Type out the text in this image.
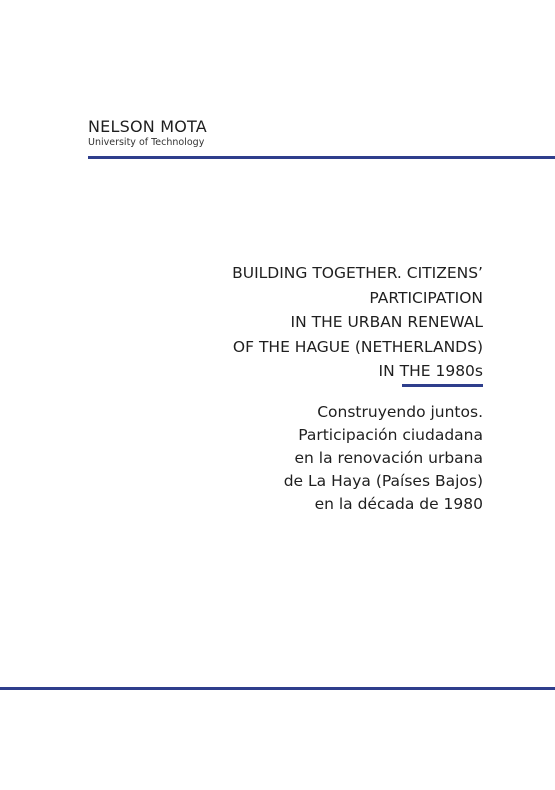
NELSON MOTA
University of Technology
BUILDING TOGETHER. CITIZENS’
PARTICIPATION
IN THE URBAN RENEWAL
OF THE HAGUE (NETHERLANDS)
IN THE 1980s
Construyendo juntos.
Participación ciudadana
en la renovación urbana
de La Haya (Países Bajos)
en la década de 1980
